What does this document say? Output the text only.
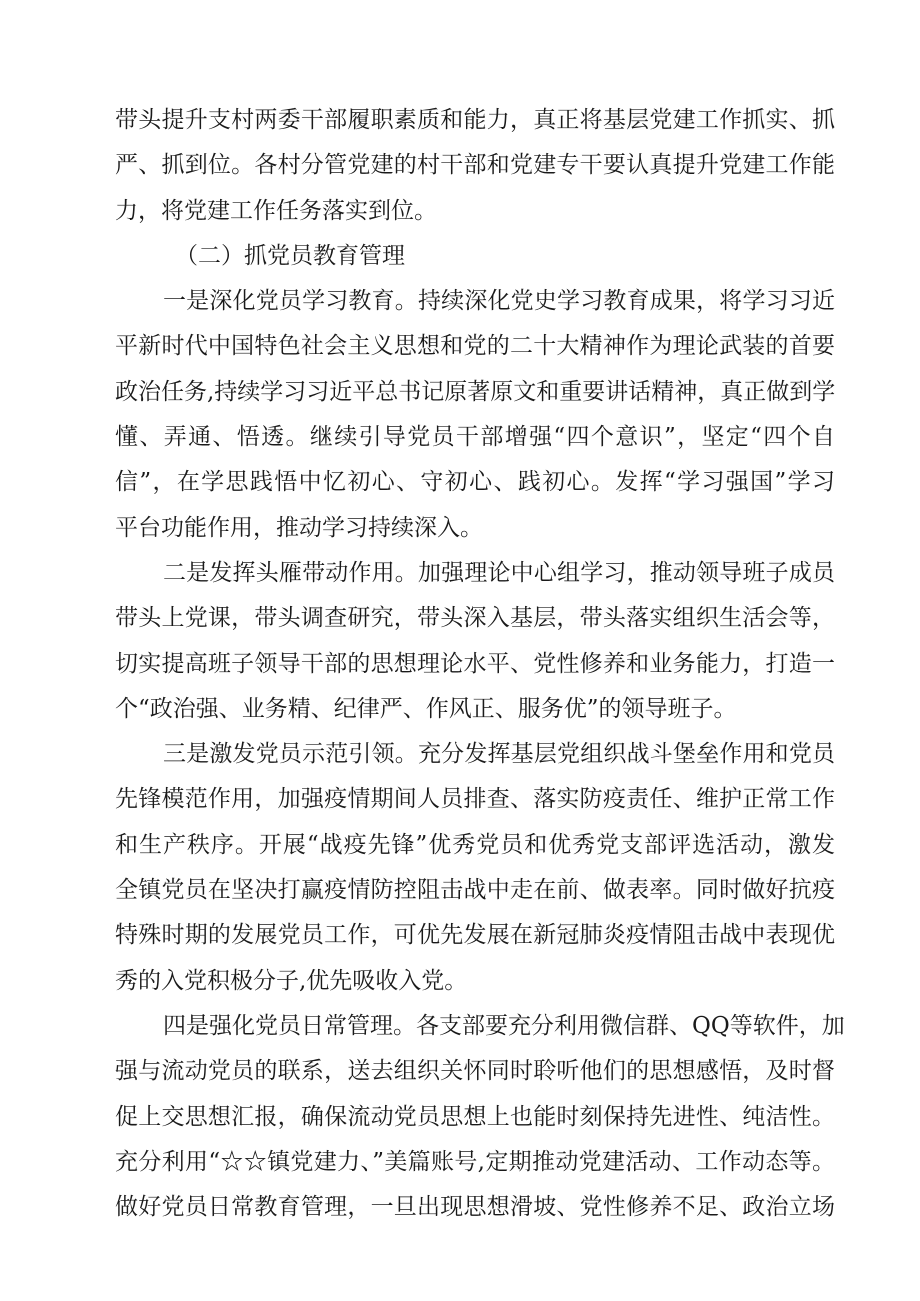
带头提升支村两委干部履职素质和能力，真正将基层党建工作抓实、抓
严、抓到位。各村分管党建的村干部和党建专干要认真提升党建工作能
力，将党建工作任务落实到位。
（二）抓党员教育管理
一是深化党员学习教育。持续深化党史学习教育成果，将学习习近
平新时代中国特色社会主义思想和党的二十大精神作为理论武装的首要
政治任务,持续学习习近平总书记原著原文和重要讲话精神，真正做到学
懂、弄通、悟透。继续引导党员干部增强“四个意识”，坚定“四个自
信”，在学思践悟中忆初心、守初心、践初心。发挥“学习强国”学习
平台功能作用，推动学习持续深入。
二是发挥头雁带动作用。加强理论中心组学习，推动领导班子成员
带头上党课，带头调查研究，带头深入基层，带头落实组织生活会等，
切实提高班子领导干部的思想理论水平、党性修养和业务能力，打造一
个“政治强、业务精、纪律严、作风正、服务优”的领导班子。
三是激发党员示范引领。充分发挥基层党组织战斗堡垒作用和党员
先锋模范作用，加强疫情期间人员排查、落实防疫责任、维护正常工作
和生产秩序。开展“战疫先锋”优秀党员和优秀党支部评选活动，激发
全镇党员在坚决打赢疫情防控阻击战中走在前、做表率。同时做好抗疫
特殊时期的发展党员工作，可优先发展在新冠肺炎疫情阻击战中表现优
秀的入党积极分子,优先吸收入党。
四是强化党员日常管理。各支部要充分利用微信群、QQ等软件，加
强与流动党员的联系，送去组织关怀同时聆听他们的思想感悟，及时督
促上交思想汇报，确保流动党员思想上也能时刻保持先进性、纯洁性。
充分利用“☆☆镇党建力、”美篇账号,定期推动党建活动、工作动态等。
做好党员日常教育管理，一旦出现思想滑坡、党性修养不足、政治立场
